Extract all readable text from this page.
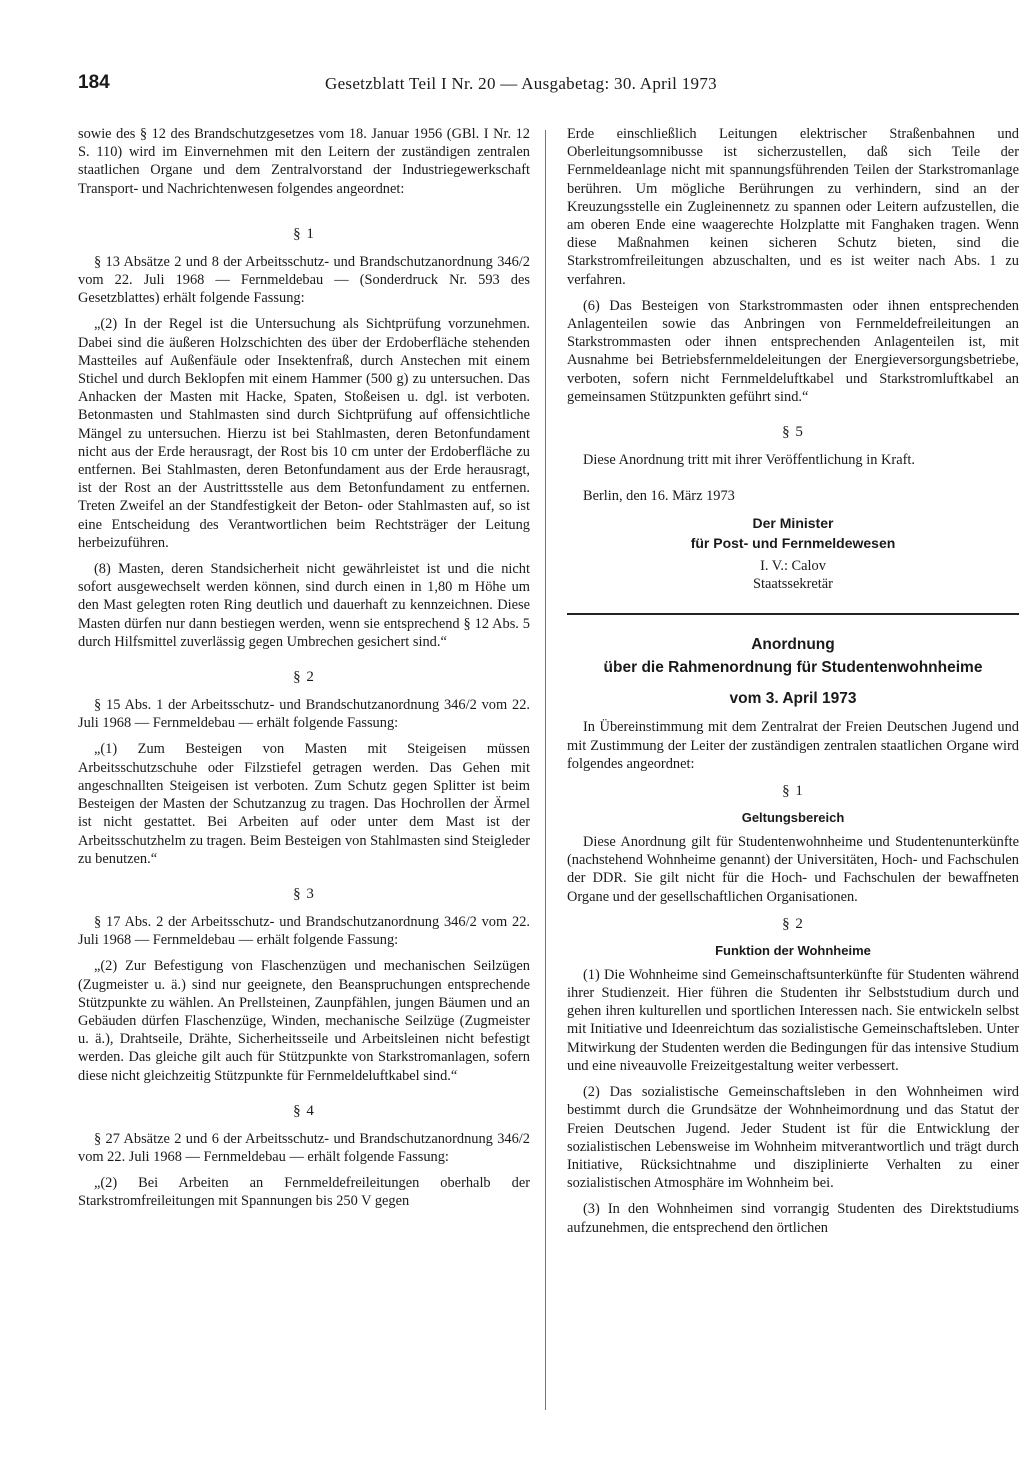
184	Gesetzblatt Teil I Nr. 20 — Ausgabetag: 30. April 1973

sowie des § 12 des Brandschutzgesetzes vom 18. Januar 1956 (GBl. I Nr. 12 S. 110) wird im Einvernehmen mit den Leitern der zuständigen zentralen staatlichen Organe und dem Zentralvorstand der Industriegewerkschaft Transport- und Nachrichtenwesen folgendes angeordnet:

§ 1

§ 13 Absätze 2 und 8 der Arbeitsschutz- und Brandschutzanordnung 346/2 vom 22. Juli 1968 — Fernmeldebau — (Sonderdruck Nr. 593 des Gesetzblattes) erhält folgende Fassung:

„(2) In der Regel ist die Untersuchung als Sichtprüfung vorzunehmen. Dabei sind die äußeren Holzschichten des über der Erdoberfläche stehenden Mastteiles auf Außenfäule oder Insektenfraß, durch Anstechen mit einem Stichel und durch Beklopfen mit einem Hammer (500 g) zu untersuchen. Das Anhacken der Masten mit Hacke, Spaten, Stoßeisen u. dgl. ist verboten. Betonmasten und Stahlmasten sind durch Sichtprüfung auf offensichtliche Mängel zu untersuchen. Hierzu ist bei Stahlmasten, deren Betonfundament nicht aus der Erde herausragt, der Rost bis 10 cm unter der Erdoberfläche zu entfernen. Bei Stahlmasten, deren Betonfundament aus der Erde herausragt, ist der Rost an der Austrittsstelle aus dem Betonfundament zu entfernen. Treten Zweifel an der Standfestigkeit der Beton- oder Stahlmasten auf, so ist eine Entscheidung des Verantwortlichen beim Rechtsträger der Leitung herbeizuführen.

(8) Masten, deren Standsicherheit nicht gewährleistet ist und die nicht sofort ausgewechselt werden können, sind durch einen in 1,80 m Höhe um den Mast gelegten roten Ring deutlich und dauerhaft zu kennzeichnen. Diese Masten dürfen nur dann bestiegen werden, wenn sie entsprechend § 12 Abs. 5 durch Hilfsmittel zuverlässig gegen Umbrechen gesichert sind.“

§ 2

§ 15 Abs. 1 der Arbeitsschutz- und Brandschutzanordnung 346/2 vom 22. Juli 1968 — Fernmeldebau — erhält folgende Fassung:

„(1) Zum Besteigen von Masten mit Steigeisen müssen Arbeitsschutzschuhe oder Filzstiefel getragen werden. Das Gehen mit angeschnallten Steigeisen ist verboten. Zum Schutz gegen Splitter ist beim Besteigen der Masten der Schutzanzug zu tragen. Das Hochrollen der Ärmel ist nicht gestattet. Bei Arbeiten auf oder unter dem Mast ist der Arbeitsschutzhelm zu tragen. Beim Besteigen von Stahlmasten sind Steigleder zu benutzen.“

§ 3

§ 17 Abs. 2 der Arbeitsschutz- und Brandschutzanordnung 346/2 vom 22. Juli 1968 — Fernmeldebau — erhält folgende Fassung:

„(2) Zur Befestigung von Flaschenzügen und mechanischen Seilzügen (Zugmeister u. ä.) sind nur geeignete, den Beanspruchungen entsprechende Stützpunkte zu wählen. An Prellsteinen, Zaunpfählen, jungen Bäumen und an Gebäuden dürfen Flaschenzüge, Winden, mechanische Seilzüge (Zugmeister u. ä.), Drahtseile, Drähte, Sicherheitsseile und Arbeitsleinen nicht befestigt werden. Das gleiche gilt auch für Stützpunkte von Starkstromanlagen, sofern diese nicht gleichzeitig Stützpunkte für Fernmeldeluftkabel sind.“

§ 4

§ 27 Absätze 2 und 6 der Arbeitsschutz- und Brandschutzanordnung 346/2 vom 22. Juli 1968 — Fernmeldebau — erhält folgende Fassung:

„(2) Bei Arbeiten an Fernmeldefreileitungen oberhalb der Starkstromfreileitungen mit Spannungen bis 250 V gegen

Erde einschließlich Leitungen elektrischer Straßenbahnen und Oberleitungsomnibusse ist sicherzustellen, daß sich Teile der Fernmeldeanlage nicht mit spannungsführenden Teilen der Starkstromanlage berühren. Um mögliche Berührungen zu verhindern, sind an der Kreuzungsstelle ein Zugleinennetz zu spannen oder Leitern aufzustellen, die am oberen Ende eine waagerechte Holzplatte mit Fanghaken tragen. Wenn diese Maßnahmen keinen sicheren Schutz bieten, sind die Starkstromfreileitungen abzuschalten, und es ist weiter nach Abs. 1 zu verfahren.

(6) Das Besteigen von Starkstrommasten oder ihnen entsprechenden Anlagenteilen sowie das Anbringen von Fernmeldefreileitungen an Starkstrommasten oder ihnen entsprechenden Anlagenteilen ist, mit Ausnahme bei Betriebsfernmeldeleitungen der Energieversorgungsbetriebe, verboten, sofern nicht Fernmeldeluftkabel und Starkstromluftkabel an gemeinsamen Stützpunkten geführt sind.“

§ 5

Diese Anordnung tritt mit ihrer Veröffentlichung in Kraft.

Berlin, den 16. März 1973

Der Minister
für Post- und Fernmeldewesen
I. V.: Calov
Staatssekretär
Anordnung
über die Rahmenordnung für Studentenwohnheime
vom 3. April 1973

In Übereinstimmung mit dem Zentralrat der Freien Deutschen Jugend und mit Zustimmung der Leiter der zuständigen zentralen staatlichen Organe wird folgendes angeordnet:

§ 1
Geltungsbereich

Diese Anordnung gilt für Studentenwohnheime und Studentenunterkünfte (nachstehend Wohnheime genannt) der Universitäten, Hoch- und Fachschulen der DDR. Sie gilt nicht für die Hoch- und Fachschulen der bewaffneten Organe und der gesellschaftlichen Organisationen.

§ 2
Funktion der Wohnheime

(1) Die Wohnheime sind Gemeinschaftsunterkünfte für Studenten während ihrer Studienzeit. Hier führen die Studenten ihr Selbststudium durch und gehen ihren kulturellen und sportlichen Interessen nach. Sie entwickeln selbst mit Initiative und Ideenreichtum das sozialistische Gemeinschaftsleben. Unter Mitwirkung der Studenten werden die Bedingungen für das intensive Studium und eine niveauvolle Freizeitgestaltung weiter verbessert.

(2) Das sozialistische Gemeinschaftsleben in den Wohnheimen wird bestimmt durch die Grundsätze der Wohnheimordnung und das Statut der Freien Deutschen Jugend. Jeder Student ist für die Entwicklung der sozialistischen Lebensweise im Wohnheim mitverantwortlich und trägt durch Initiative, Rücksichtnahme und disziplinierte Verhalten zu einer sozialistischen Atmosphäre im Wohnheim bei.

(3) In den Wohnheimen sind vorrangig Studenten des Direktstudiums aufzunehmen, die entsprechend den örtlichen
